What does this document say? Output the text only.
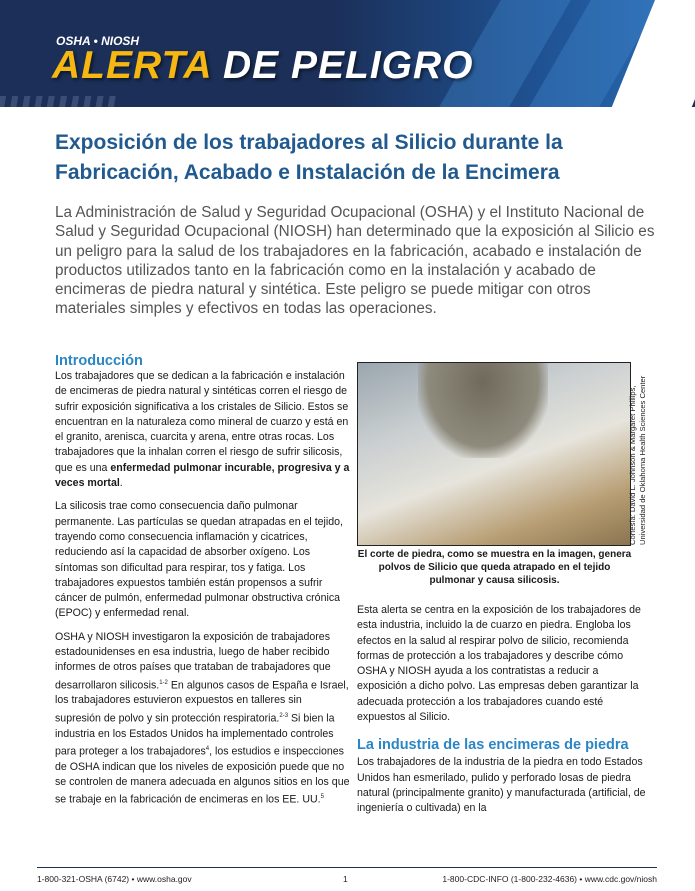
OSHA • NIOSH
ALERTA DE PELIGRO
Exposición de los trabajadores al Silicio durante la Fabricación, Acabado e Instalación de la Encimera

La Administración de Salud y Seguridad Ocupacional (OSHA) y el Instituto Nacional de Salud y Seguridad Ocupacional (NIOSH) han determinado que la exposición al Silicio es un peligro para la salud de los trabajadores en la fabricación, acabado e instalación de productos utilizados tanto en la fabricación como en la instalación y acabado de encimeras de piedra natural y sintética. Este peligro se puede mitigar con otros materiales simples y efectivos en todas las operaciones.

Introducción

Los trabajadores que se dedican a la fabricación e instalación de encimeras de piedra natural y sintéticas corren el riesgo de sufrir exposición significativa a los cristales de Silicio. Estos se encuentran en la naturaleza como mineral de cuarzo y está en el granito, arenisca, cuarcita y arena, entre otras rocas. Los trabajadores que la inhalan corren el riesgo de sufrir silicosis, que es una enfermedad pulmonar incurable, progresiva y a veces mortal.

La silicosis trae como consecuencia daño pulmonar permanente. Las partículas se quedan atrapadas en el tejido, trayendo como consecuencia inflamación y cicatrices, reduciendo así la capacidad de absorber oxígeno. Los síntomas son dificultad para respirar, tos y fatiga. Los trabajadores expuestos también están propensos a sufrir cáncer de pulmón, enfermedad pulmonar obstructiva crónica (EPOC) y enfermedad renal.

OSHA y NIOSH investigaron la exposición de trabajadores estadounidenses en esa industria, luego de haber recibido informes de otros países que trataban de trabajadores que desarrollaron silicosis.$^{1-2}$ En algunos casos de España e Israel, los trabajadores estuvieron expuestos en talleres sin supresión de polvo y sin protección respiratoria.$^{2-3}$ Si bien la industria en los Estados Unidos ha implementado controles para proteger a los trabajadores$^4$, los estudios e inspecciones de OSHA indican que los niveles de exposición puede que no se controlen de manera adecuada en algunos sitios en los que se trabaje en la fabricación de encimeras en los EE. UU.$^5$

Cortesía: David L. Johnson & Margaret Phillips, Universidad de Oklahoma Health Sciences Center
El corte de piedra, como se muestra en la imagen, genera polvos de Silicio que queda atrapado en el tejido pulmonar y causa silicosis.

Esta alerta se centra en la exposición de los trabajadores de esta industria, incluido la de cuarzo en piedra. Engloba los efectos en la salud al respirar polvo de silicio, recomienda formas de protección a los trabajadores y describe cómo OSHA y NIOSH ayuda a los contratistas a reducir a exposición a dicho polvo. Las empresas deben garantizar la adecuada protección a los trabajadores cuando esté expuestos al Silicio.

La industria de las encimeras de piedra

Los trabajadores de la industria de la piedra en todo Estados Unidos han esmerilado, pulido y perforado losas de piedra natural (principalmente granito) y manufacturada (artificial, de ingeniería o cultivada) en la

1-800-321-OSHA (6742) • www.osha.gov	1	1-800-CDC-INFO (1-800-232-4636) • www.cdc.gov/niosh
